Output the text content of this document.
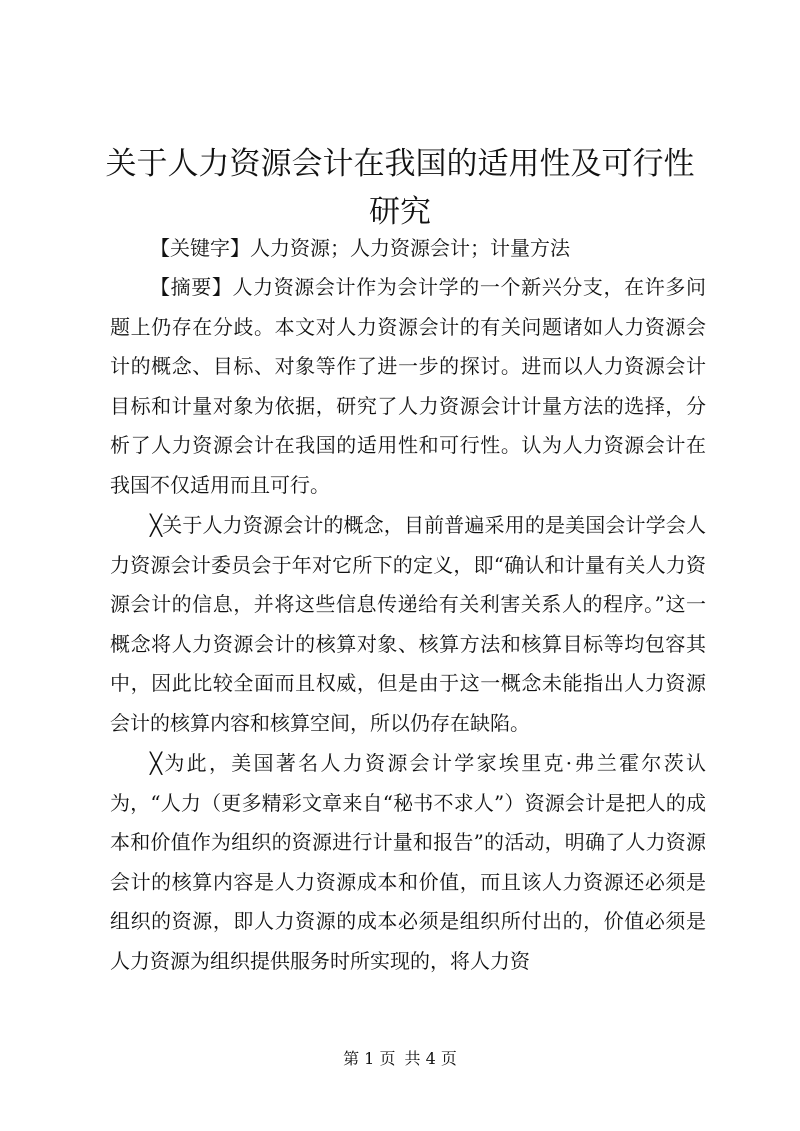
关于人力资源会计在我国的适用性及可行性研究

【关键字】人力资源；人力资源会计；计量方法

【摘要】人力资源会计作为会计学的一个新兴分支，在许多问题上仍存在分歧。本文对人力资源会计的有关问题诸如人力资源会计的概念、目标、对象等作了进一步的探讨。进而以人力资源会计目标和计量对象为依据，研究了人力资源会计计量方法的选择，分析了人力资源会计在我国的适用性和可行性。认为人力资源会计在我国不仅适用而且可行。

╳关于人力资源会计的概念，目前普遍采用的是美国会计学会人力资源会计委员会于年对它所下的定义，即“确认和计量有关人力资源会计的信息，并将这些信息传递给有关利害关系人的程序。”这一概念将人力资源会计的核算对象、核算方法和核算目标等均包容其中，因此比较全面而且权威，但是由于这一概念未能指出人力资源会计的核算内容和核算空间，所以仍存在缺陷。

╳为此，美国著名人力资源会计学家埃里克·弗兰霍尔茨认为，“人力（更多精彩文章来自“秘书不求人”）资源会计是把人的成本和价值作为组织的资源进行计量和报告”的活动，明确了人力资源会计的核算内容是人力资源成本和价值，而且该人力资源还必须是组织的资源，即人力资源的成本必须是组织所付出的，价值必须是人力资源为组织提供服务时所实现的，将人力资

第 1 页 共 4 页
